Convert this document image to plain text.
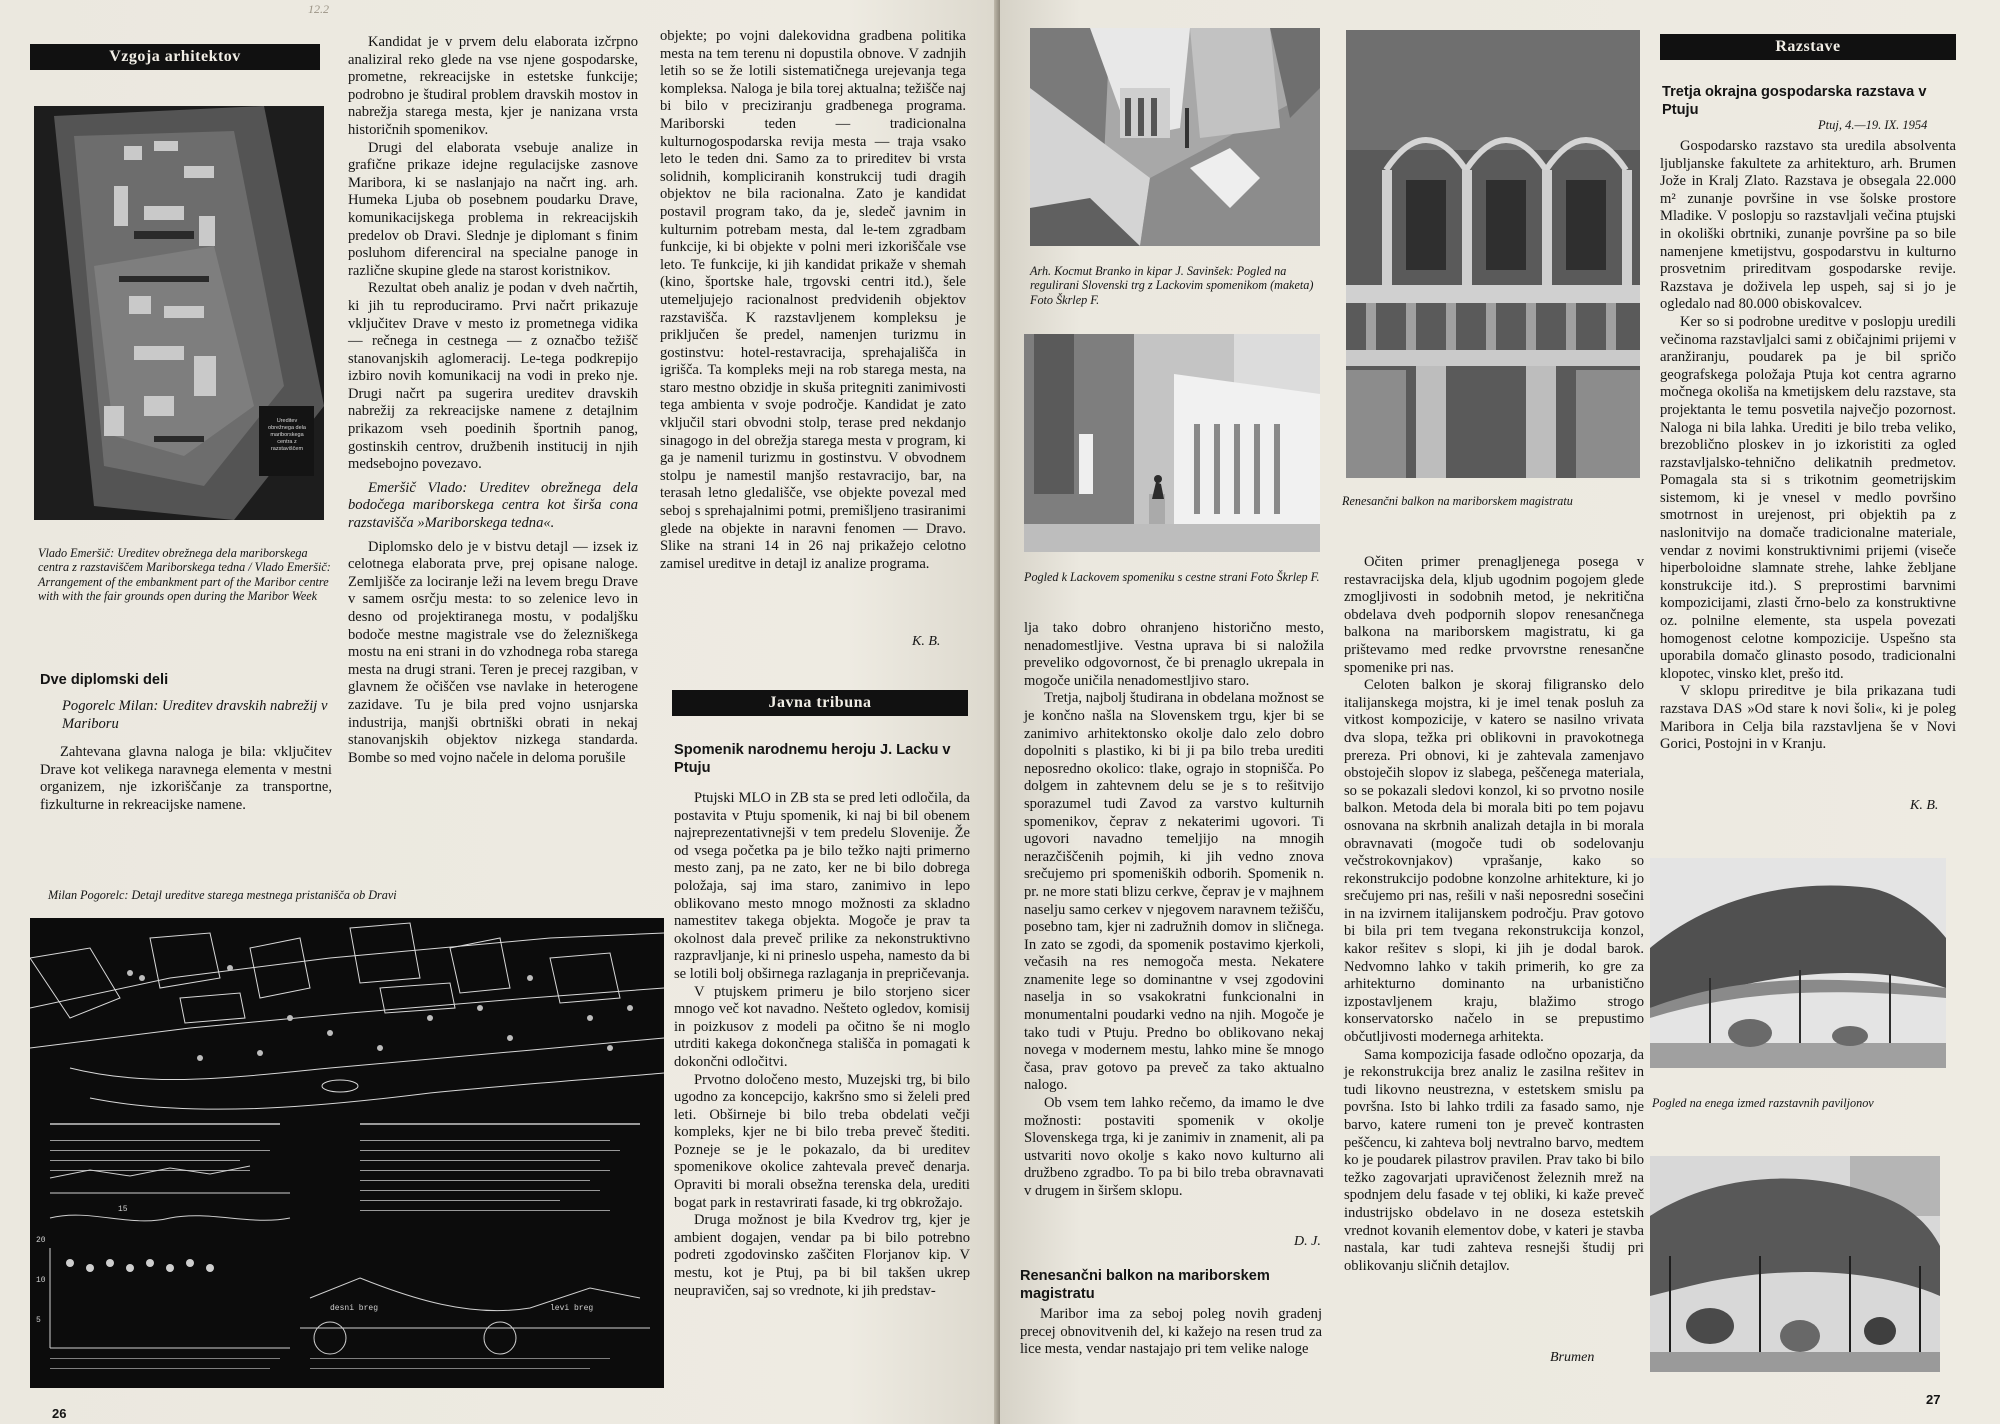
12.2
Vzgoja arhitektov
Ureditev obrežnega dela mariborskega centra z razstaviščem
Vlado Emeršič: Ureditev obrežnega dela mariborskega centra z razstaviščem Mariborskega tedna / Vlado Emeršič: Arrangement of the embankment part of the Maribor centre with with the fair grounds open during the Maribor Week
Dve diplomski deli
Pogorelc Milan: Ureditev dravskih nabrežij v Mariboru

Zahtevana glavna naloga je bila: vključitev Drave kot velikega naravnega elementa v mestni organizem, nje izkoriščanje za transportne, fizkulturne in rekreacijske namene.

Kandidat je v prvem delu elaborata izčrpno analiziral reko glede na vse njene gospodarske, prometne, rekreacijske in estetske funkcije; podrobno je študiral problem dravskih mostov in nabrežja starega mesta, kjer je nanizana vrsta historičnih spomenikov.

Drugi del elaborata vsebuje analize in grafične prikaze idejne regulacijske zasnove Maribora, ki se naslanjajo na načrt ing. arh. Humeka Ljuba ob posebnem poudarku Drave, komunikacijskega problema in rekreacijskih predelov ob Dravi. Slednje je diplomant s finim posluhom diferenciral na specialne panoge in različne skupine glede na starost koristnikov.

Rezultat obeh analiz je podan v dveh načrtih, ki jih tu reproduciramo. Prvi načrt prikazuje vključitev Drave v mesto iz prometnega vidika — rečnega in cestnega — z označbo težišč stanovanjskih aglomeracij. Le-tega podkrepijo izbiro novih komunikacij na vodi in preko nje. Drugi načrt pa sugerira ureditev dravskih nabrežij za rekreacijske namene z detajlnim prikazom vseh poedinih športnih panog, gostinskih centrov, družbenih institucij in njih medsebojno povezavo.

Emeršič Vlado: Ureditev obrežnega dela bodočega mariborskega centra kot širša cona razstavišča »Mariborskega tedna«.

Diplomsko delo je v bistvu detajl — izsek iz celotnega elaborata prve, prej opisane naloge. Zemljišče za lociranje leži na levem bregu Drave v samem osrčju mesta: to so zelenice levo in desno od projektiranega mostu, v podaljšku bodoče mestne magistrale vse do železniškega mostu na eni strani in do vzhodnega roba starega mesta na drugi strani. Teren je precej razgiban, v glavnem že očiščen vse navlake in heterogene zazidave. Tu je bila pred vojno usnjarska industrija, manjši obrtniški obrati in nekaj stanovanjskih objektov nizkega standarda. Bombe so med vojno načele in deloma porušile

objekte; po vojni dalekovidna gradbena politika mesta na tem terenu ni dopustila obnove. V zadnjih letih so se že lotili sistematičnega urejevanja tega kompleksa. Naloga je bila torej aktualna; težišče naj bi bilo v preciziranju gradbenega programa. Mariborski teden — tradicionalna kulturnogospodarska revija mesta — traja vsako leto le teden dni. Samo za to prireditev bi vrsta solidnih, kompliciranih konstrukcij tudi dragih objektov ne bila racionalna. Zato je kandidat postavil program tako, da je, sledeč javnim in kulturnim potrebam mesta, dal le-tem zgradbam funkcije, ki bi objekte v polni meri izkoriščale vse leto. Te funkcije, ki jih kandidat prikaže v shemah (kino, športske hale, trgovski centri itd.), šele utemeljujejo racionalnost predvidenih objektov razstavišča. K razstavljenem kompleksu je priključen še predel, namenjen turizmu in gostinstvu: hotel-restavracija, sprehajališča in igrišča. Ta kompleks meji na rob starega mesta, na staro mestno obzidje in skuša pritegniti zanimivosti tega ambienta v svoje področje. Kandidat je zato vključil stari obvodni stolp, terase pred nekdanjo sinagogo in del obrežja starega mesta v program, ki ga je namenil turizmu in gostinstvu. V obvodnem stolpu je namestil manjšo restavracijo, bar, na terasah letno gledališče, vse objekte povezal med seboj s sprehajalnimi potmi, premišljeno trasiranimi glede na objekte in naravni fenomen — Dravo. Slike na strani 14 in 26 naj prikažejo celotno zamisel ureditve in detajl iz analize programa.

K. B.
Javna tribuna
Spomenik narodnemu heroju J. Lacku v Ptuju

Ptujski MLO in ZB sta se pred leti odločila, da postavita v Ptuju spomenik, ki naj bi bil obenem najreprezentativnejši v tem predelu Slovenije. Že od vsega početka pa je bilo težko najti primerno mesto zanj, pa ne zato, ker ne bi bilo dobrega položaja, saj ima staro, zanimivo in lepo oblikovano mesto mnogo možnosti za skladno namestitev takega objekta. Mogoče je prav ta okolnost dala preveč prilike za nekonstruktivno razpravljanje, ki ni prineslo uspeha, namesto da bi se lotili bolj obširnega razlaganja in prepričevanja.

V ptujskem primeru je bilo storjeno sicer mnogo več kot navadno. Nešteto ogledov, komisij in poizkusov z modeli pa očitno še ni moglo utrditi kakega dokončnega stališča in pomagati k dokončni odločitvi.

Prvotno določeno mesto, Muzejski trg, bi bilo ugodno za koncepcijo, kakršno smo si želeli pred leti. Obširneje bi bilo treba obdelati večji kompleks, kjer ne bi bilo treba preveč štediti. Pozneje se je le pokazalo, da bi ureditev spomenikove okolice zahtevala preveč denarja. Opraviti bi morali obsežna terenska dela, urediti bogat park in restavrirati fasade, ki trg obkrožajo.

Druga možnost je bila Kvedrov trg, kjer je ambient dogajen, vendar pa bi bilo potrebno podreti zgodovinsko zaščiten Florjanov kip. V mestu, kot je Ptuj, pa bi bil takšen ukrep neupravičen, saj so vrednote, ki jih predstav-

Milan Pogorelc: Detajl ureditve starega mestnega pristanišča ob Dravi
desni breg	levi breg
15
20
10
5
26
Arh. Kocmut Branko in kipar J. Savinšek: Pogled na regulirani Slovenski trg z Lackovim spomenikom (maketa) Foto Škrlep F.
Pogled k Lackovem spomeniku s cestne strani Foto Škrlep F.
Renesančni balkon na mariborskem magistratu

lja tako dobro ohranjeno historično mesto, nenadomestljive. Vestna uprava bi si naložila preveliko odgovornost, če bi prenaglo ukrepala in mogoče uničila nenadomestljivo staro.

Tretja, najbolj študirana in obdelana možnost se je končno našla na Slovenskem trgu, kjer bi se zanimivo arhitektonsko okolje dalo zelo dobro dopolniti s plastiko, ki bi ji pa bilo treba urediti neposredno okolico: tlake, ograjo in stopnišča. Po dolgem in zahtevnem delu se je s to rešitvijo sporazumel tudi Zavod za varstvo kulturnih spomenikov, čeprav z nekaterimi ugovori. Ti ugovori navadno temeljijo na mnogih nerazčiščenih pojmih, ki jih vedno znova srečujemo pri spomeniških odborih. Spomenik n. pr. ne more stati blizu cerkve, čeprav je v majhnem naselju samo cerkev v njegovem naravnem težišču, posebno tam, kjer ni zadružnih domov in sličnega. In zato se zgodi, da spomenik postavimo kjerkoli, večasih na res nemogoča mesta. Nekatere znamenite lege so dominantne v vsej zgodovini naselja in so vsakokratni funkcionalni in monumentalni poudarki vedno na njih. Mogoče je tako tudi v Ptuju. Predno bo oblikovano nekaj novega v modernem mestu, lahko mine še mnogo časa, prav gotovo pa preveč za tako aktualno nalogo.

Ob vsem tem lahko rečemo, da imamo le dve možnosti: postaviti spomenik v okolje Slovenskega trga, ki je zanimiv in znamenit, ali pa ustvariti novo okolje s kako novo kulturno ali družbeno zgradbo. To pa bi bilo treba obravnavati v drugem in širšem sklopu.

D. J.
Renesančni balkon na mariborskem magistratu

Maribor ima za seboj poleg novih gradenj precej obnovitvenih del, ki kažejo na resen trud za lice mesta, vendar nastajajo pri tem velike naloge

Očiten primer prenagljenega posega v restavracijska dela, kljub ugodnim pogojem glede zmogljivosti in sodobnih metod, je nekritična obdelava dveh podpornih slopov renesančnega balkona na mariborskem magistratu, ki ga prištevamo med redke prvovrstne renesančne spomenike pri nas.

Celoten balkon je skoraj filigransko delo italijanskega mojstra, ki je imel tenak posluh za vitkost kompozicije, v katero se nasilno vrivata dva slopa, težka pri oblikovni in pravokotnega prereza. Pri obnovi, ki je zahtevala zamenjavo obstoječih slopov iz slabega, peščenega materiala, so se pokazali sledovi konzol, ki so prvotno nosile balkon. Metoda dela bi morala biti po tem pojavu osnovana na skrbnih analizah detajla in bi morala obravnavati (mogoče tudi ob sodelovanju večstrokovnjakov) vprašanje, kako so rekonstrukcijo podobne konzolne arhitekture, ki jo srečujemo pri nas, rešili v naši neposredni sosečini in na izvirnem italijanskem področju. Prav gotovo bi bila pri tem tvegana rekonstrukcija konzol, kakor rešitev s slopi, ki jih je dodal barok. Nedvomno lahko v takih primerih, ko gre za arhitekturno dominanto na urbanistično izpostavljenem kraju, blažimo strogo konservatorsko načelo in se prepustimo občutljivosti modernega arhitekta.

Sama kompozicija fasade odločno opozarja, da je rekonstrukcija brez analiz le zasilna rešitev in tudi likovno neustrezna, v estetskem smislu pa površna. Isto bi lahko trdili za fasado samo, nje barvo, katere rumeni ton je preveč kontrasten peščencu, ki zahteva bolj nevtralno barvo, medtem ko je poudarek pilastrov pravilen. Prav tako bi bilo težko zagovarjati upravičenost železnih mrež na spodnjem delu fasade v tej obliki, ki kaže preveč industrijsko obdelavo in ne doseza estetskih vrednot kovanih elementov dobe, v kateri je stavba nastala, kar tudi zahteva resnejši študij pri oblikovanju sličnih detajlov.

Brumen
Razstave
Tretja okrajna gospodarska razstava v Ptuju
Ptuj, 4.—19. IX. 1954

Gospodarsko razstavo sta uredila absolventa ljubljanske fakultete za arhitekturo, arh. Brumen Jože in Kralj Zlato. Razstava je obsegala 22.000 m² zunanje površine in vse šolske prostore Mladike. V poslopju so razstavljali večina ptujski in okoliški obrtniki, zunanje površine pa so bile namenjene kmetijstvu, gospodarstvu in kulturno prosvetnim prireditvam gospodarske revije. Razstava je doživela lep uspeh, saj si jo je ogledalo nad 80.000 obiskovalcev.

Ker so si podrobne ureditve v poslopju uredili večinoma razstavljalci sami z običajnimi prijemi v aranžiranju, poudarek pa je bil spričo geografskega položaja Ptuja kot centra agrarno močnega okoliša na kmetijskem delu razstave, sta projektanta le temu posvetila največjo pozornost. Naloga ni bila lahka. Urediti je bilo treba veliko, brezoblično ploskev in jo izkoristiti za ogled razstavljalsko-tehnično delikatnih predmetov. Pomagala sta si s trikotnim geometrijskim sistemom, ki je vnesel v medlo površino smotrnost in urejenost, pri objektih pa z naslonitvijo na domače tradicionalne materiale, vendar z novimi konstruktivnimi prijemi (viseče hiperboloidne slamnate strehe, lahke žebljane konstrukcije itd.). S preprostimi barvnimi kompozicijami, zlasti črno-belo za konstruktivne oz. polnilne elemente, sta uspela povezati homogenost celotne kompozicije. Uspešno sta uporabila domačo glinasto posodo, tradicionalni klopotec, vinsko klet, prešo itd.

V sklopu prireditve je bila prikazana tudi razstava DAS »Od stare k novi šoli«, ki je poleg Maribora in Celja bila razstavljena še v Novi Gorici, Postojni in v Kranju.

K. B.
Pogled na enega izmed razstavnih paviljonov
27
